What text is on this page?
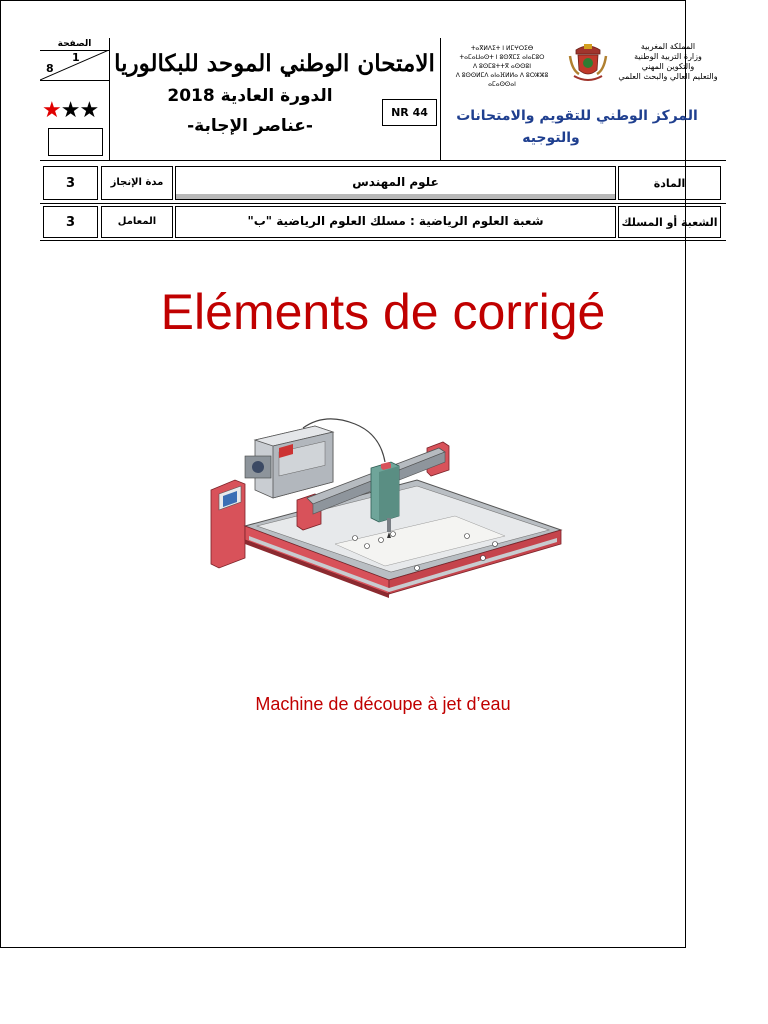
الصفحة
1
8
★★★
الامتحان الوطني الموحد للبكالوريا
الدورة العادية 2018
-عناصر الإجابة-
NR 44
ⵜⴰⴳⵍⴷⵉⵜ ⵏ ⵍⵎⵖⵔⵉⴱ
ⵜⴰⵎⴰⵡⴰⵙⵜ ⵏ ⵓⵙⴳⵎⵉ ⴰⵏⴰⵎⵓⵔ
ⴷ ⵓⵙⵎⵓⵜⵜⴳ ⴰⵙⵙⵓⵏ
ⴷ ⵓⵙⵙⵍⵎⴷ ⴰⵏⴰⴼⵍⵍⴰ ⴷ ⵓⵔⵣⵣⵓ ⴰⵎⴰⵙⵙⴰⵏ
المملكة المغربية
وزارة التربية الوطنية
والتكوين المهني
والتعليم العالي والبحث العلمي
المركز الوطني للتقويم والامتحانات
والتوجيه
3	مدة الإنجاز	علوم المهندس	المادة
3	المعامل	شعبة العلوم الرياضية : مسلك العلوم الرياضية "ب"	الشعبة أو المسلك
Eléments de corrigé
Machine de découpe à jet d’eau
